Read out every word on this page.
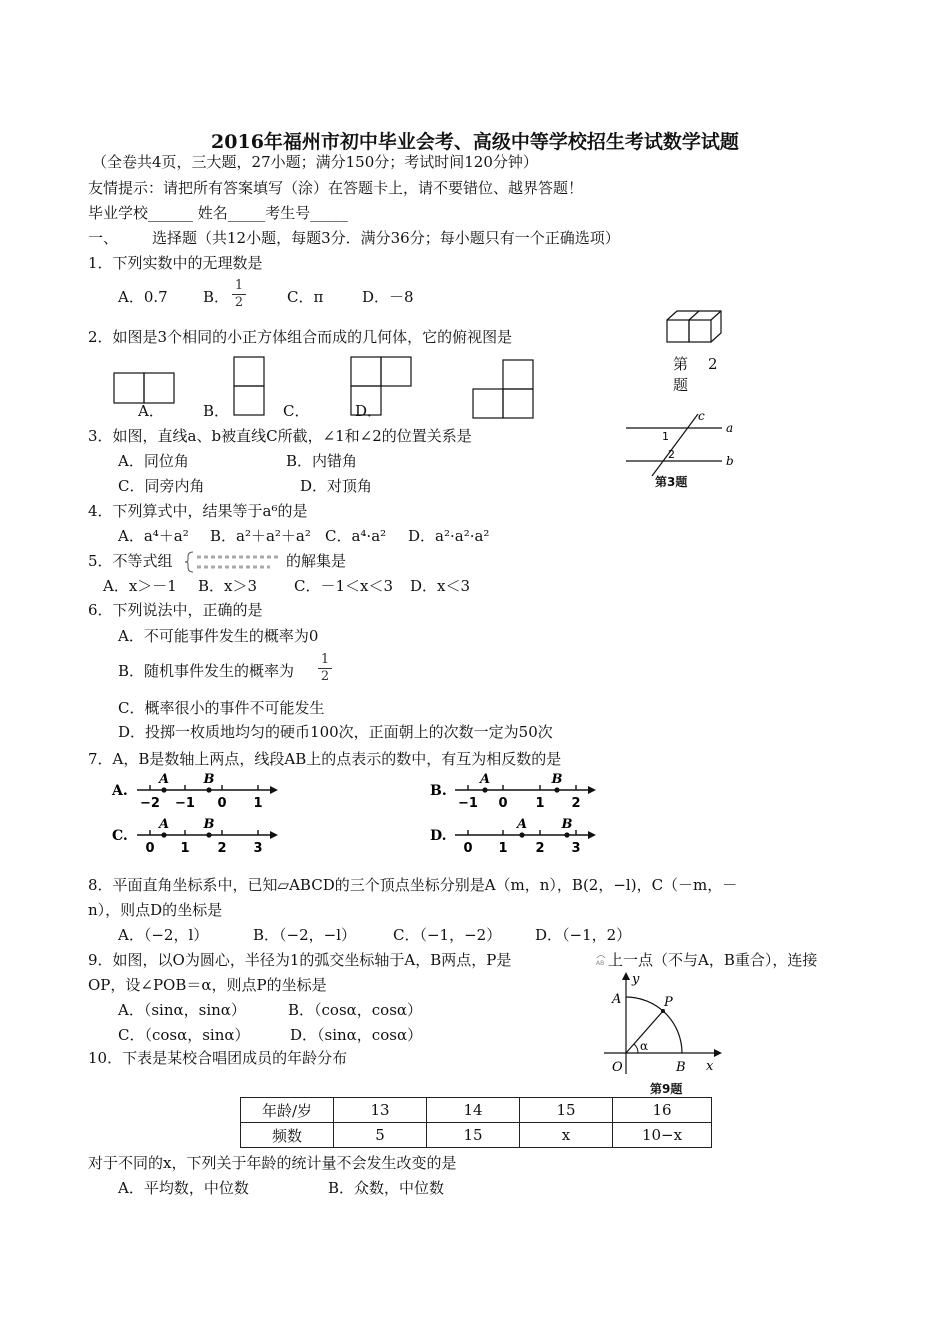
2016年福州市初中毕业会考、高级中等学校招生考试数学试题
（全卷共4页，三大题，27小题；满分150分；考试时间120分钟）
友情提示：请把所有答案填写（涂）在答题卡上，请不要错位、越界答题！
毕业学校______ 姓名_____考生号_____
一、 选择题（共12小题，每题3分．满分36分；每小题只有一个正确选项）
1．下列实数中的无理数是
A．0.7 B．
1
2	C．π	D．－8
2．如图是3个相同的小正方体组合而成的几何体，它的俯视图是
第 2
题
A．	B．	C．	D．
3．如图，直线a、b被直线C所截，∠1和∠2的位置关系是
A．同位角	B．内错角
C．同旁内角	D．对顶角
c
a
b
1
2
第3题
4．下列算式中，结果等于a⁶的是
A．a⁴＋a² B．a²＋a²＋a² C．a⁴·a² D．a²·a²·a²
5．不等式组	的解集是
A．x＞－1 B．x＞3 C．－1＜x＜3 D．x＜3
6．下列说法中，正确的是
A．不可能事件发生的概率为0
B．随机事件发生的概率为
1
2
C．概率很小的事件不可能发生
D．投掷一枚质地均匀的硬币100次，正面朝上的次数一定为50次
7．A，B是数轴上两点，线段AB上的点表示的数中，有互为相反数的是
A.
−2 −1 0 1
A	B
B.
−1 0 1 2
A	B
C.
0 1 2 3
A	B
D.
0 1 2 3
A	B
8．平面直角坐标系中，已知▱ABCD的三个顶点坐标分别是A（m，n），B(2，−l)，C（－m，－
n），则点D的坐标是
A．（−2，l）	B．（−2，−l） C．（−1，−2） D．（−1，2）
9．如图，以O为圆心，半径为1的弧交坐标轴于A，B两点，P是	AB 上一点（不与A，B重合），连接
OP，设∠POB＝α，则点P的坐标是
A．（sinα，sinα）	B．（cosα，cosα）
C．（cosα，sinα）	D．（sinα，cosα）
y
x
A	P
O	B
α
第9题
10．下表是某校合唱团成员的年龄分布
年龄/岁	13	14	15	16
频数	5	15	x	10−x
对于不同的x，下列关于年龄的统计量不会发生改变的是
A．平均数，中位数	B．众数，中位数
